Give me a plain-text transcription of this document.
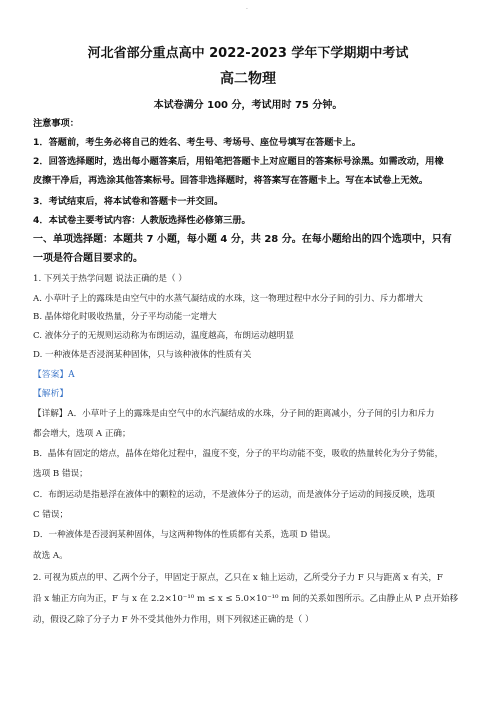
·
河北省部分重点高中 2022-2023 学年下学期期中考试
高二物理
本试卷满分 100 分，考试用时 75 分钟。
注意事项：
1．答题前，考生务必将自己的姓名、考生号、考场号、座位号填写在答题卡上。
2．回答选择题时，选出每小题答案后，用铅笔把答题卡上对应题目的答案标号涂黑。如需改动，用橡
皮擦干净后，再选涂其他答案标号。回答非选择题时，将答案写在答题卡上。写在本试卷上无效。
3．考试结束后，将本试卷和答题卡一并交回。
4．本试卷主要考试内容：人教版选择性必修第三册。
一、单项选择题：本题共 7 小题，每小题 4 分，共 28 分。在每小题给出的四个选项中，只有
一项是符合题目要求的。
1. 下列关于热学问题 说法正确的是（ ）
A. 小草叶子上的露珠是由空气中的水蒸气凝结成的水珠，这一物理过程中水分子间的引力、斥力都增大
B. 晶体熔化时吸收热量，分子平均动能一定增大
C. 液体分子的无规则运动称为布朗运动，温度越高，布朗运动越明显
D. 一种液体是否浸润某种固体，只与该种液体的性质有关
【答案】A
【解析】
【详解】A．小草叶子上的露珠是由空气中的水汽凝结成的水珠，分子间的距离减小，分子间的引力和斥力
都会增大，选项 A 正确；
B．晶体有固定的熔点，晶体在熔化过程中，温度不变，分子的平均动能不变，吸收的热量转化为分子势能，
选项 B 错误；
C．布朗运动是指悬浮在液体中的颗粒的运动，不是液体分子的运动，而是液体分子运动的间接反映，选项
C 错误；
D．一种液体是否浸润某种固体，与这两种物体的性质都有关系，选项 D 错误。
故选 A。
2. 可视为质点的甲、乙两个分子，甲固定于原点，乙只在 x 轴上运动，乙所受分子力 F 只与距离 x 有关，F
沿 x 轴正方向为正，F 与 x 在 2.2×10⁻¹⁰ m ≤ x ≤ 5.0×10⁻¹⁰ m 间的关系如图所示。乙由静止从 P 点开始移
动，假设乙除了分子力 F 外不受其他外力作用，则下列叙述正确的是（ ）
